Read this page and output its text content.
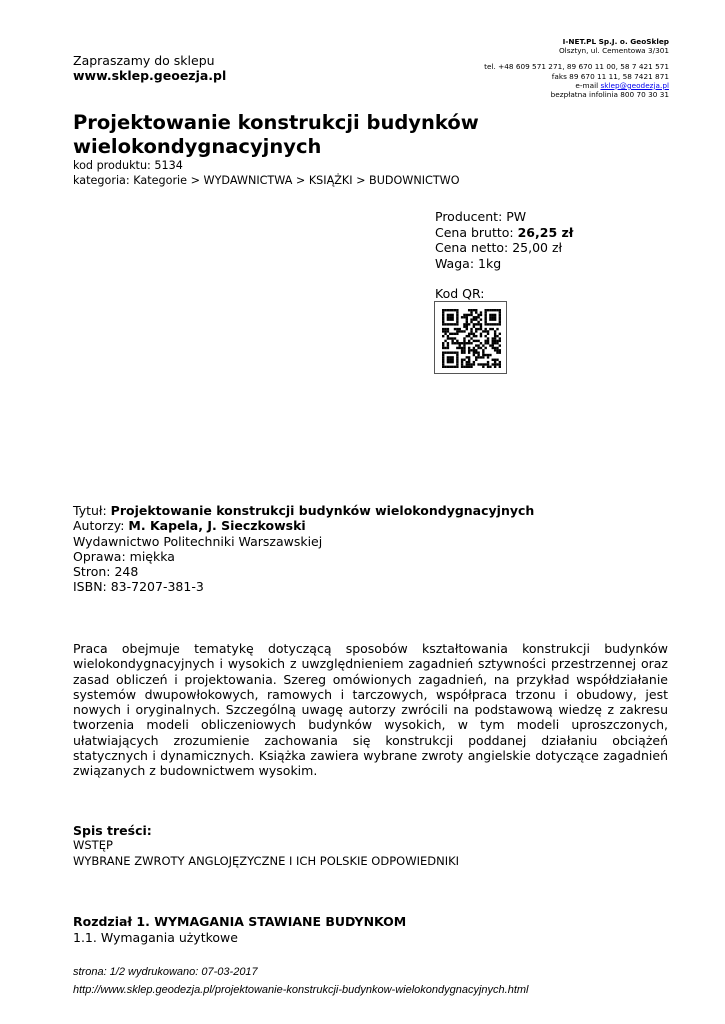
Zapraszamy do sklepu
www.sklep.geoezja.pl
I-NET.PL Sp.J. o. GeoSklep
Olsztyn, ul. Cementowa 3/301
tel. +48 609 571 271, 89 670 11 00, 58 7 421 571
faks 89 670 11 11, 58 7421 871
e-mail sklep@geodezja.pl
bezpłatna infolinia 800 70 30 31
Projektowanie konstrukcji budynków wielokondygnacyjnych
kod produktu: 5134
kategoria: Kategorie > WYDAWNICTWA > KSIĄŻKI > BUDOWNICTWO
Producent: PW
Cena brutto: 26,25 zł
Cena netto: 25,00 zł
Waga: 1kg
Kod QR:
Tytuł: Projektowanie konstrukcji budynków wielokondygnacyjnych
Autorzy: M. Kapela, J. Sieczkowski
Wydawnictwo Politechniki Warszawskiej
Oprawa: miękka
Stron: 248
ISBN: 83-7207-381-3
Praca obejmuje tematykę dotyczącą sposobów kształtowania konstrukcji budynków wielokondygnacyjnych i wysokich z uwzględnieniem zagadnień sztywności przestrzennej oraz zasad obliczeń i projektowania. Szereg omówionych zagadnień, na przykład współdziałanie systemów dwupowłokowych, ramowych i tarczowych, współpraca trzonu i obudowy, jest nowych i oryginalnych. Szczególną uwagę autorzy zwrócili na podstawową wiedzę z zakresu tworzenia modeli obliczeniowych budynków wysokich, w tym modeli uproszczonych, ułatwiających zrozumienie zachowania się konstrukcji poddanej działaniu obciążeń statycznych i dynamicznych. Książka zawiera wybrane zwroty angielskie dotyczące zagadnień związanych z budownictwem wysokim.
Spis treści:
WSTĘP
WYBRANE ZWROTY ANGLOJĘZYCZNE I ICH POLSKIE ODPOWIEDNIKI
Rozdział 1. WYMAGANIA STAWIANE BUDYNKOM
1.1. Wymagania użytkowe
strona: 1/2 wydrukowano: 07-03-2017
http://www.sklep.geodezja.pl/projektowanie-konstrukcji-budynkow-wielokondygnacyjnych.html
